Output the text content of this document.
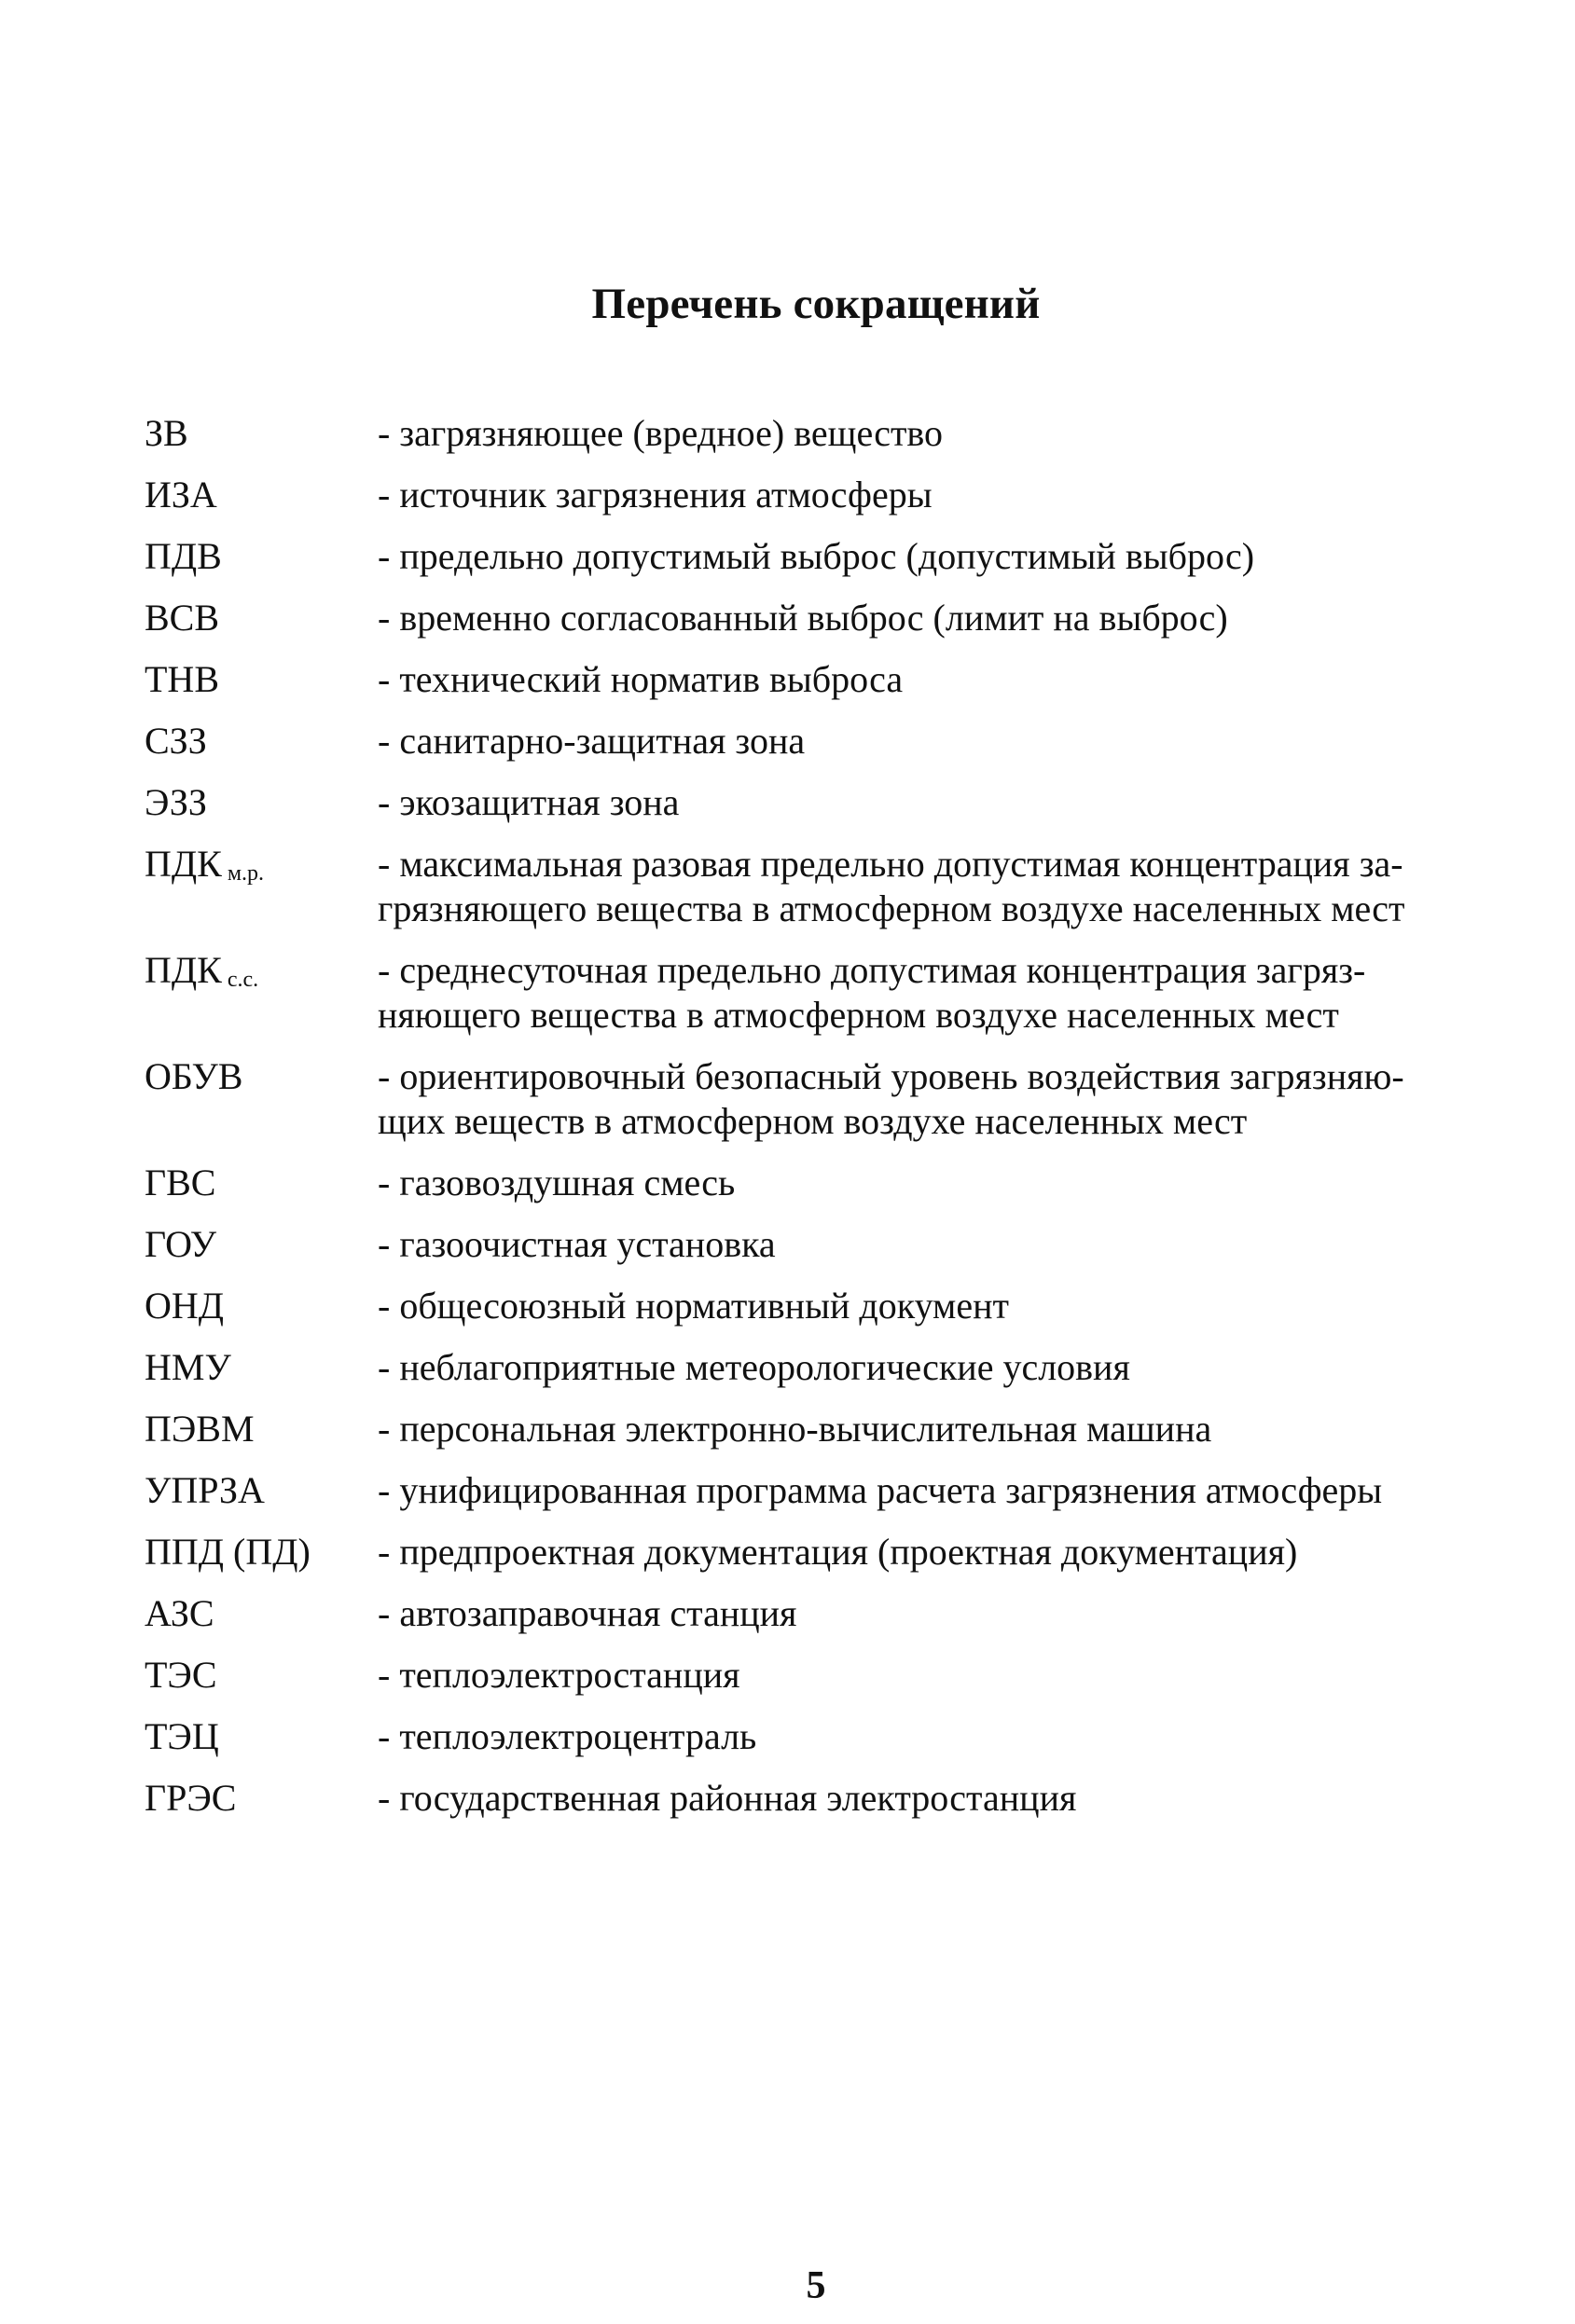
Перечень сокращений
ЗВ	- загрязняющее (вредное) вещество
ИЗА	- источник загрязнения атмосферы
ПДВ	- предельно допустимый выброс (допустимый выброс)
ВСВ	- временно согласованный выброс (лимит на выброс)
ТНВ	- технический норматив выброса
СЗЗ	- санитарно-защитная зона
ЭЗЗ	- экозащитная зона
ПДК м.р.	- максимальная разовая предельно допустимая концентрация за-
грязняющего вещества в атмосферном воздухе населенных мест
ПДК с.с.	- среднесуточная предельно допустимая концентрация загряз-
няющего вещества в атмосферном воздухе населенных мест
ОБУВ	- ориентировочный безопасный уровень воздействия загрязняю-
щих веществ в атмосферном воздухе населенных мест
ГВС	- газовоздушная смесь
ГОУ	- газоочистная установка
ОНД	- общесоюзный нормативный документ
НМУ	- неблагоприятные метеорологические условия
ПЭВМ	- персональная электронно-вычислительная машина
УПРЗА	- унифицированная программа расчета загрязнения атмосферы
ППД (ПД) - предпроектная документация (проектная документация)
АЗС	- автозаправочная станция
ТЭС	- теплоэлектростанция
ТЭЦ	- теплоэлектроцентраль
ГРЭС	- государственная районная электростанция
5
